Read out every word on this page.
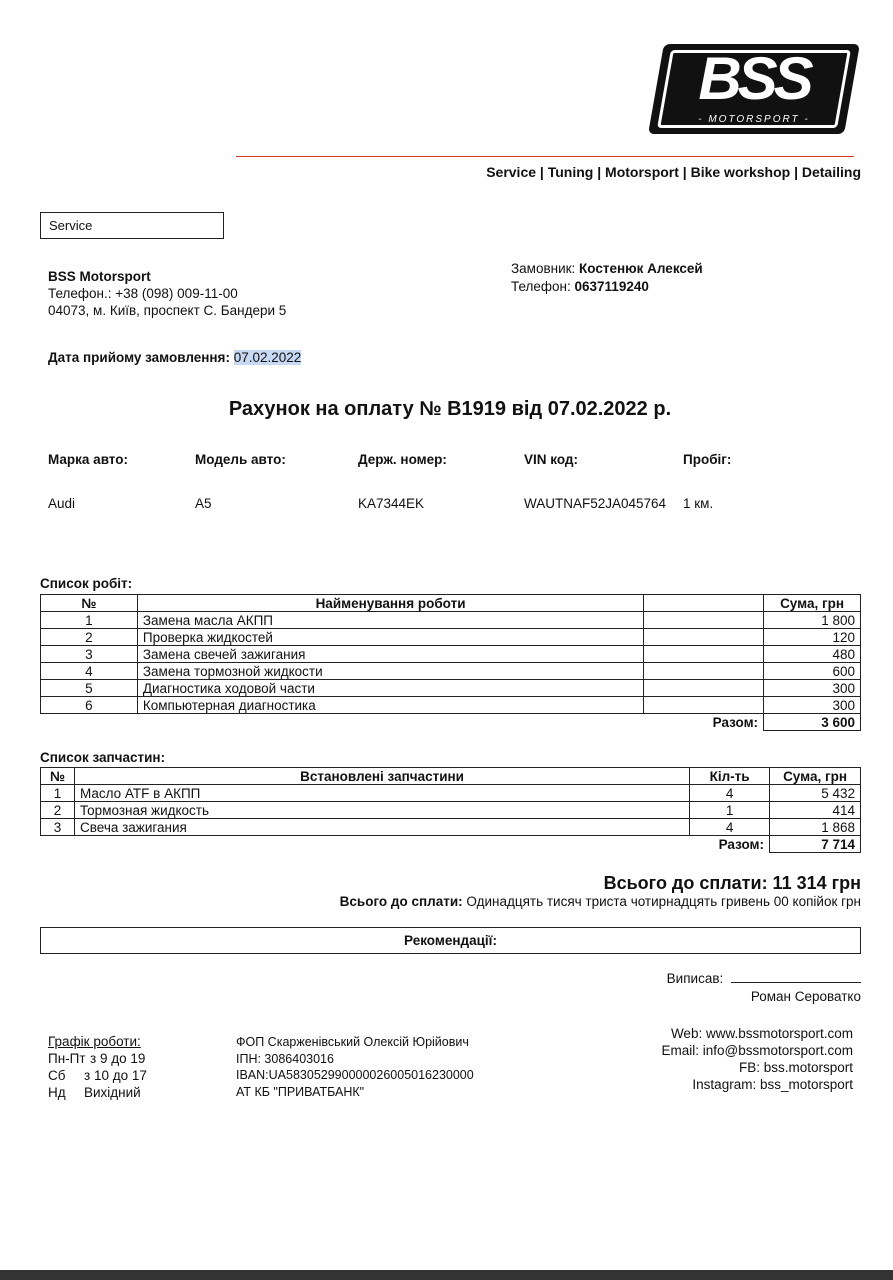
BSS
- MOTORSPORT -
Service | Tuning | Motorsport | Bike workshop | Detailing
Service
BSS Motorsport
Телефон.: +38 (098) 009-11-00
04073, м. Київ, проспект С. Бандери 5
Замовник: Костенюк Алексей
Телефон: 0637119240
Дата прийому замовлення: 07.02.2022
Рахунок на оплату № B1919 від 07.02.2022 р.
Марка авто:	Модель авто:	Держ. номер:	VIN код:	Пробіг:
Audi	A5	KA7344EK	WAUTNAF52JA045764 1 км.
Список робіт:
№	Найменування роботи		Сума, грн
1	Замена масла АКПП		1 800
2	Проверка жидкостей		120
3	Замена свечей зажигания		480
4	Замена тормозной жидкости		600
5	Диагностика ходовой части		300
6	Компьютерная диагностика		300
		Разом:	3 600
Список запчастин:
№	Встановлені запчастини	Кіл-ть	Сума, грн
1	Масло ATF в АКПП	4	5 432
2	Тормозная жидкость	1	414
3	Свеча зажигания	4	1 868
		Разом:	7 714
Всього до сплати: 11 314 грн
Всього до сплати: Одинадцять тисяч триста чотирнадцять гривень 00 копійок грн
Рекомендації:
Виписав:
Роман Сероватко
Графік роботи:
Пн-Пт з 9 до 19
Сб з 10 до 17
Нд Вихідний
ФОП Скарженівський Олексій Юрійович
ІПН: 3086403016
IBAN:UA583052990000026005016230000
АТ КБ "ПРИВАТБАНК"
Web: www.bssmotorsport.com
Email: info@bssmotorsport.com
FB: bss.motorsport
Instagram: bss_motorsport
